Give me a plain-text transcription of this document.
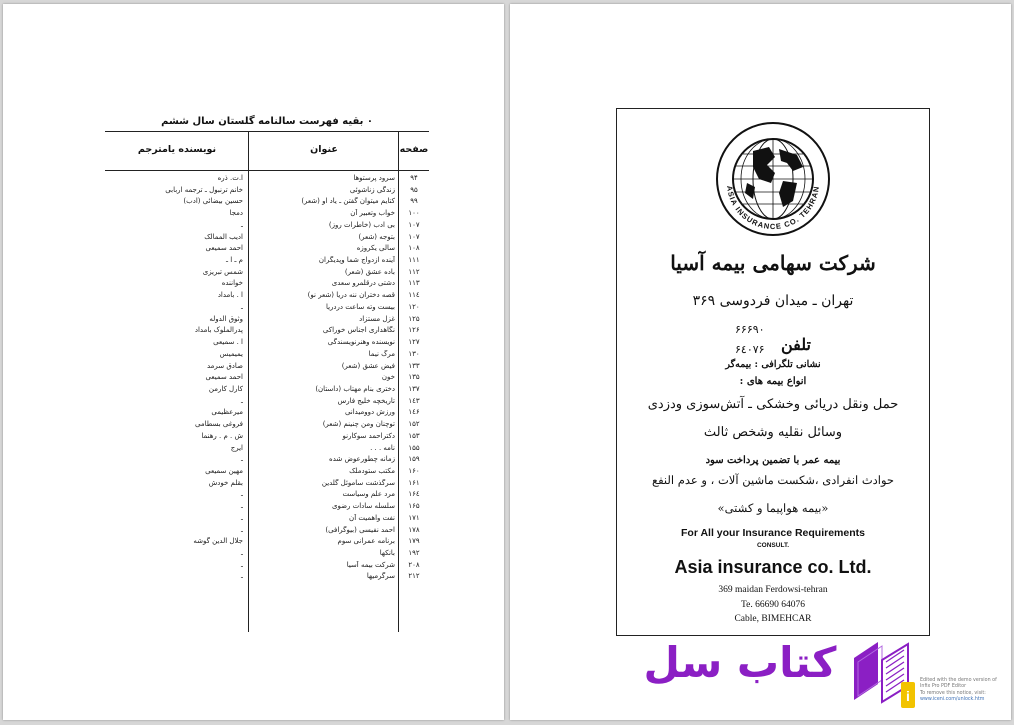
٠ بقیه فهرست سالنامه گلستان سال ششم
صفحه
عنوان
نویسنده یامترجم
۹۴
سرود پرستوها
ا.ت. ذره
۹۵
زندگی زناشوئی
خانم ترنبول ـ ترجمه اربابی
۹۹
کتایم میتوان گفتن ـ یاد او (شعر)
حسین بیضائی (ادب)
۱۰۰
خواب وتعبیر آن
دمجا
۱۰۷
بی ادب (خاطرات روز)
ـ
۱۰۷
بتوجه (شعر)
ادیب الممالک
۱۰۸
سالی یکروزه
احمد سمیعی
۱۱۱
آینده ازدواج شما وپدیگران
م ـ ا ـ
۱۱۲
باده عشق (شعر)
شمس تبریزی
۱۱۳
دشتی درقلمرو سعدی
خواننده
۱۱٤
قصه دختران ننه دریا (شعر نو)
ا . بامداد
۱۲۰
بیست وته ساعت دردریا
ـ
۱۲۵
غزل مستزاد
وثوق الدوله
۱۲۶
نگاهداری اجناس خوراکی
پدرالملوک بامداد
۱۲۷
نویسنده وهنرنویسندگی
ا . سمیعی
۱۳۰
مرگ نیما
یمیمیس
۱۳۳
فیض عشق (شعر)
صادق سرمد
۱۳۵
خون
احمد سمیعی
۱۳۷
دختری بنام مهتاب (داستان)
کارل کارمن
۱٤۳
تاریخچه خلیج فارس
ـ
۱٤۶
ورزش دوومیدانی
میرعظیمی
۱۵۲
توچنان ومن چنینم (شعر)
فروغی بسطامی
۱۵۳
دکتراحمد سوکارنو
ش . م . رهنما
۱۵۵
نامه . . .
ایرج
۱۵۹
زمانه چطورعوض شده
ـ
۱۶۰
مکتب ستودملک
مهین سمیعی
۱۶۱
سرگذشت ساموئل گلدین
بقلم خودش
۱۶٤
مرد علم وسیاست
ـ
۱۶۵
سلسله سادات رضوی
ـ
۱۷۱
نفت واهمیت آن
ـ
۱۷۸
احمد نفیسی (بیوگرافی)
ـ
۱۷۹
برنامه عمرانی سوم
جلال الدین گوشه
۱۹۲
بانکها
ـ
۲۰۸
شرکت بیمه آسیا
ـ
۲۱۲
سرگرمیها
ـ
ASIA INSURANCE CO. TEHRAN
شرکت سهامی بیمه آسیا
تهران ـ میدان فردوسی ۳۶۹
۶۶۶۹۰
۶٤۰۷۶ تلفن
نشانی تلگرافی : بیمه‌گر
انواع بیمه های :
حمل ونقل دریائی وخشکی ـ آتش‌سوزی ودزدی
وسائل نقلیه وشخص ثالث
بیمه عمر با تضمین پرداخت سود
حوادث انفرادی ،شکست ماشین آلات ، و عدم النفع
«بیمه هواپیما و کشتی»
For All your Insurance Requirements
CONSULT.
Asia insurance co. Ltd.
369 maidan Ferdowsi-tehran
Te. 66690 64076
Cable, BIMEHCAR
کتاب سل
i
Edited with the demo version of
Infix Pro PDF Editor
To remove this notice, visit:
www.iceni.com/unlock.htm
